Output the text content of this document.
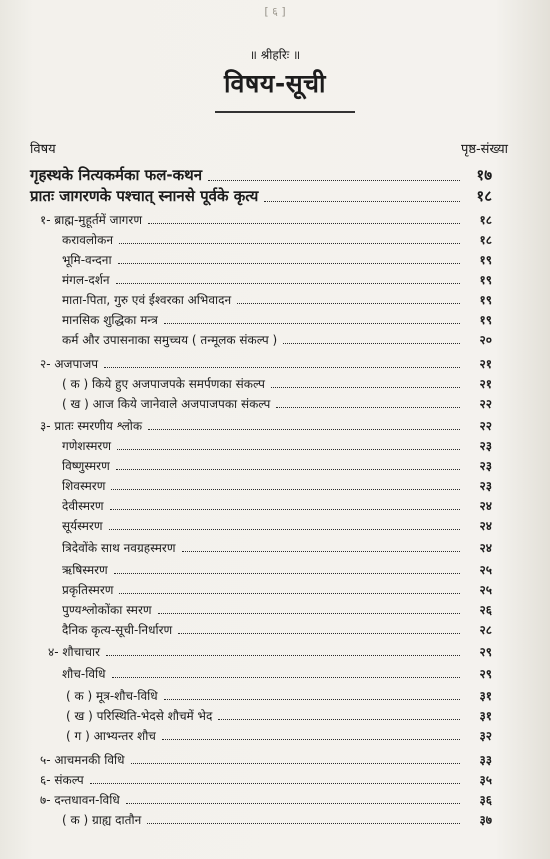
[ ६ ]
॥ श्रीहरिः ॥
विषय-सूची
विषय	पृष्ठ-संख्या
गृहस्थके नित्यकर्मका फल-कथन	१७
प्रातः जागरणके पश्चात् स्नानसे पूर्वके कृत्य	१८
१- ब्राह्म-मुहूर्तमें जागरण	१८
करावलोकन	१८
भूमि-वन्दना	१९
मंगल-दर्शन	१९
माता-पिता, गुरु एवं ईश्वरका अभिवादन	१९
मानसिक शुद्धिका मन्त्र	१९
कर्म और उपासनाका समुच्चय ( तन्मूलक संकल्प )	२०
२- अजपाजप	२१
( क ) किये हुए अजपाजपके समर्पणका संकल्प	२१
( ख ) आज किये जानेवाले अजपाजपका संकल्प	२२
३- प्रातः स्मरणीय श्लोक	२२
गणेशस्मरण	२३
विष्णुस्मरण	२३
शिवस्मरण	२३
देवीस्मरण	२४
सूर्यस्मरण	२४
त्रिदेवोंके साथ नवग्रहस्मरण	२४
ऋषिस्मरण	२५
प्रकृतिस्मरण	२५
पुण्यश्लोकोंका स्मरण	२६
दैनिक कृत्य-सूची-निर्धारण	२८
४- शौचाचार	२९
शौच-विधि	२९
( क ) मूत्र-शौच-विधि	३१
( ख ) परिस्थिति-भेदसे शौचमें भेद	३१
( ग ) आभ्यन्तर शौच	३२
५- आचमनकी विधि	३३
६- संकल्प	३५
७- दन्तधावन-विधि	३६
( क ) ग्राह्य दातौन	३७
